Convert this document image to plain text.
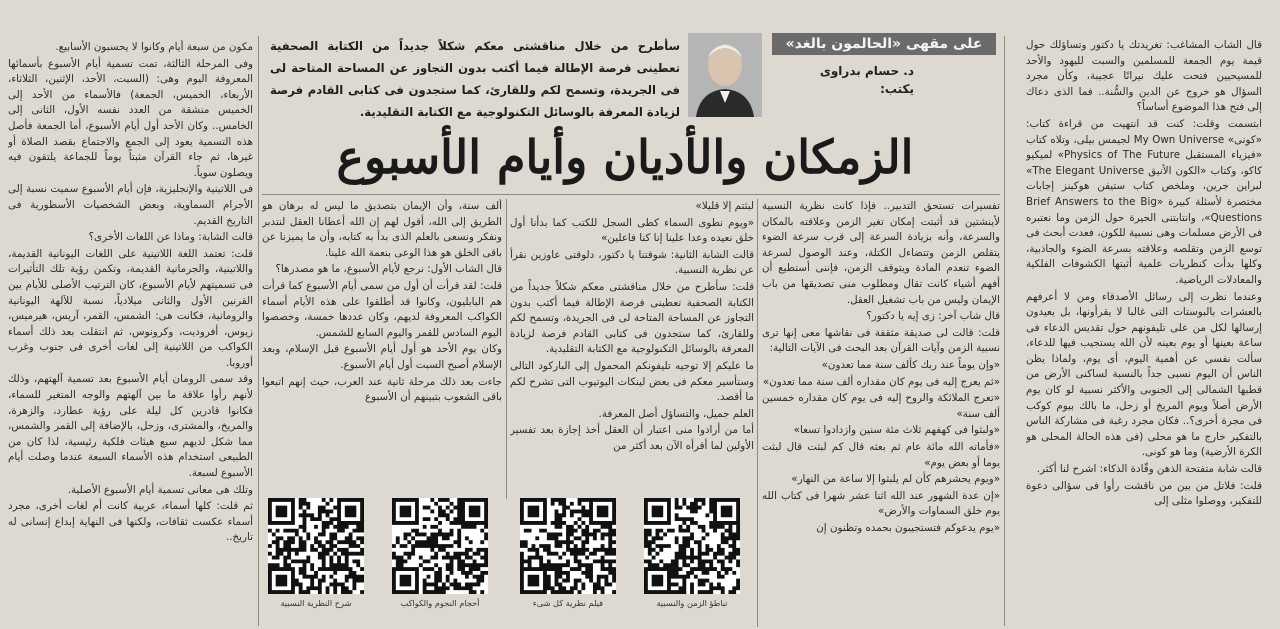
قال الشاب المشاغب: تغريدتك يا دكتور وتساؤلك حول قيمة يوم الجمعة للمسلمين والسبت لليهود والأحد للمسيحيين فتحت عليك نيرانًا عجيبة، وكأن مجرد السؤال هو خروج عن الدين والسُّنة.. فما الذى دعاك إلى فتح هذا الموضوع أساساً؟

ابتسمت وقلت: كنت قد انتهيت من قراءة كتاب: «كونى» My Own Universe لجيمس بيلى، وتلاه كتاب «فيزياء المستقبل Physics of The Future» لميكيو كاكو، وكتاب «الكون الأنيق The Elegant Universe» لبراين جرين، وملخص كتاب ستيفن هوكينز إجابات مختصرة لأسئلة كبيرة «Brief Answers to the Big Questions»، وانتابتنى الحيرة حول الزمن وما نعتبره فى الأرض مسلمات وهى نسبية للكون، فعدت أبحث فى توسع الزمن وتقلصه وعلاقته بسرعة الضوء والجاذبية، وكلها بدأت كنظريات علمية أثبتها الكشوفات الفلكية والمعادلات الرياضية.

وعندما نظرت إلى رسائل الأصدقاء ومن لا أعرفهم بالعشرات بالبوستات التى غالبا لا يقرأونها، بل يعيدون إرسالها لكل من على تليفونهم حول تقديس الدعاء فى ساعة بعينها أو يوم بعينه لأن الله يستجيب فيها للدعاء، سألت نفسى عن أهمية اليوم، أى يوم، ولماذا يظن الناس أن اليوم نسبى جداً بالنسبة لساكنى الأرض من قطبها الشمالى إلى الجنوبى والأكثر نسبية لو كان يوم الأرض أصلاً ويوم المريخ أو زحل، ما بالك بيوم كوكب فى مجرة أخرى؟.. فكان مجرد رغبة فى مشاركة الناس بالتفكير خارج ما هو محلى (فى هذه الحالة المحلى هو الكرة الأرضية) وما هو كونى.

قالت شابة متفتحة الذهن وقّادة الذكاء: اشرح لنا أكثر.

قلت: فلاتل من بين من ناقشت رأوا فى سؤالى دعوة للتفكير، ووصلوا مثلى إلى

على مقهى «الحالمون بالغد»
د. حسام بدراوى
يكتب:
سأطرح من خلال مناقشتى معكم شكلاً جديداً من الكتابة الصحفية تعطينى فرصة الإطالة فيما أكتب بدون التجاوز عن المساحة المتاحة لى فى الجريدة، وتسمح لكم وللقارئ، كما ستجدون فى كتابى القادم فرصة لزيادة المعرفة بالوسائل التكنولوجية مع الكتابة التقليدية.
الزمكان والأديان وأيام الأسبوع

تفسيرات تستحق التدبير.. فإذا كانت نظرية النسبية لأينشتين قد أثبتت إمكان تغير الزمن وعلاقته بالمكان والسرعة، وأنه بزيادة السرعة إلى قرب سرعة الضوء يتقلص الزمن وتتضاءل الكتلة، وعند الوصول لسرعة الضوء تنعدم المادة ويتوقف الزمن، فإننى أستطيع أن أفهم أشياء كانت تقال ومطلوب منى تصديقها من باب الإيمان وليس من باب تشغيل العقل.

قال شاب آخر: زى إيه يا دكتور؟

قلت: قالت لى صديقة مثقفة فى نقاشها معى إنها ترى نسبية الزمن وآيات القرآن بعد البحث فى الآيات التالية:

«وإن يوماً عند ربك كألف سنة مما تعدون»

«ثم يعرج إليه فى يوم كان مقداره ألف سنة مما تعدون»

«تعرج الملائكة والروح إليه فى يوم كان مقداره خمسين ألف سنة»

«ولبثوا فى كهفهم ثلاث مئة سنين وازدادوا تسعا»

«فأماته الله مائة عام ثم بعثه قال كم لبثت قال لبثت يوما أو بعض يوم»

«ويوم يحشرهم كأن لم يلبثوا إلا ساعة من النهار»

«إن عدة الشهور عند الله اثنا عشر شهرا فى كتاب الله يوم خلق السماوات والأرض»

«يوم يدعوكم فتستجيبون بحمده وتظنون إن

لبثتم إلا قليلا»

«ويوم نطوى السماء كطى السجل للكتب كما بدأنا أول خلق نعيده وعدا علينا إنا كنا فاعلين»

قالت الشابة الثانية: شوقتنا يا دكتور، دلوقتى عاوزين نقرأ عن نظرية النسبية.

قلت: سأطرح من خلال مناقشتى معكم شكلاً جديداً من الكتابة الصحفية تعطينى فرصة الإطالة فيما أكتب بدون التجاوز عن المساحة المتاحة لى فى الجريدة، وتسمح لكم وللقارئ، كما ستجدون فى كتابى القادم فرصة لزيادة المعرفة بالوسائل التكنولوجية مع الكتابة التقليدية.

ما عليكم إلا توجيه تليفونكم المحمول إلى الباركود التالى وستأسير معكم فى بعض لينكات اليوتيوب التى تشرح لكم ما أقصد.

العلم جميل، والتساؤل أصل المعرفة.

أما من أرادوا منى اعتبار أن العقل أخذ إجازة بعد تفسير الأولين لما أقرأه الآن بعد أكثر من

ألف سنة، وأن الإيمان بتصديق ما ليس له برهان هو الطريق إلى الله، أقول لهم إن الله أعطانا العقل لنتدبر ونفكر ونسعى بالعلم الذى بدأ به كتابه، وأن ما يميزنا عن باقى الخلق هو هذا الوعى بنعمة الله علينا.

قال الشاب الأول: نرجع لأيام الأسبوع، ما هو مصدرها؟

قلت: لقد قرأت أن أول من سمى أيام الأسبوع كما قرأت هم البابليون، وكانوا قد أطلقوا على هذه الأيام أسماء الكواكب المعروفة لديهم، وكان عددها خمسة، وخصصوا اليوم السادس للقمر واليوم السابع للشمس.

وكان يوم الأحد هو أول أيام الأسبوع قبل الإسلام، وبعد الإسلام أصبح السبت أول أيام الأسبوع.

جاءت بعد ذلك مرحلة ثانية عند العرب، حيث إنهم اتبعوا باقى الشعوب بتبينهم أن الأسبوع

تباطؤ الزمن والنسبية
فيلم نظرية كل شىء
أحجام النجوم والكواكب
شرح النظرية النسبية

مكون من سبعة أيام وكانوا لا يحسبون الأسابيع.

وفى المرحلة الثالثة، تمت تسمية أيام الأسبوع بأسمائها المعروفة اليوم وهى: (السبت، الأحد، الإثنين، الثلاثاء، الأربعاء، الخميس، الجمعة) فالأسماء من الأحد إلى الخميس منشقة من العدد نفسه الأول، الثانى إلى الخامس.. وكان الأحد أول أيام الأسبوع، أما الجمعة فأصل هذه التسمية يعود إلى الجمع والاجتماع بقصد الصلاة أو غيرها، ثم جاء القرآن مثبتاً يوماً للجماعة يلتقون فيه ويصلون سوياً.

فى اللاتينية والإنجليزية، فإن أيام الأسبوع سميت نسبة إلى الأجرام السماوية، وبعض الشخصيات الأسطورية فى التاريخ القديم.

قالت الشابة: وماذا عن اللغات الأخرى؟

قلت: تعتمد اللغة اللاتينية على اللغات اليونانية القديمة، واللاتينية، والجرمانية القديمة، وتكمن رؤية تلك التأثيرات فى تسميتهم لأيام الأسبوع، كان الترتيب الأصلى للأيام بين القرنين الأول والثانى ميلادياً، نسبة للآلهة اليونانية والرومانية، فكانت هى: الشمس، القمر، آريس، هيرميس، زيوس، أفروديت، وكرونوس، ثم انتقلت بعد ذلك أسماء الكواكب من اللاتينية إلى لغات أخرى فى جنوب وغرب أوروبا.

وقد سمى الرومان أيام الأسبوع بعد تسمية آلهتهم، وذلك لأنهم رأوا علاقة ما بين آلهتهم والوجه المتغير للسماء، فكانوا قادرين كل ليلة على رؤية عطارد، والزهرة، والمريخ، والمشترى، وزحل، بالإضافة إلى القمر والشمس، مما شكل لديهم سبع هيئات فلكية رئيسية، لذا كان من الطبيعى استخدام هذه الأسماء السبعة عندما وصلت أيام الأسبوع لسبعة.

وتلك هى معانى تسمية أيام الأسبوع الأصلية.

ثم قلت: كلها أسماء، عربية كانت أم لغات أخرى، مجرد أسماء عكست ثقافات، ولكنها فى النهاية إبداع إنسانى له تاريخ..
